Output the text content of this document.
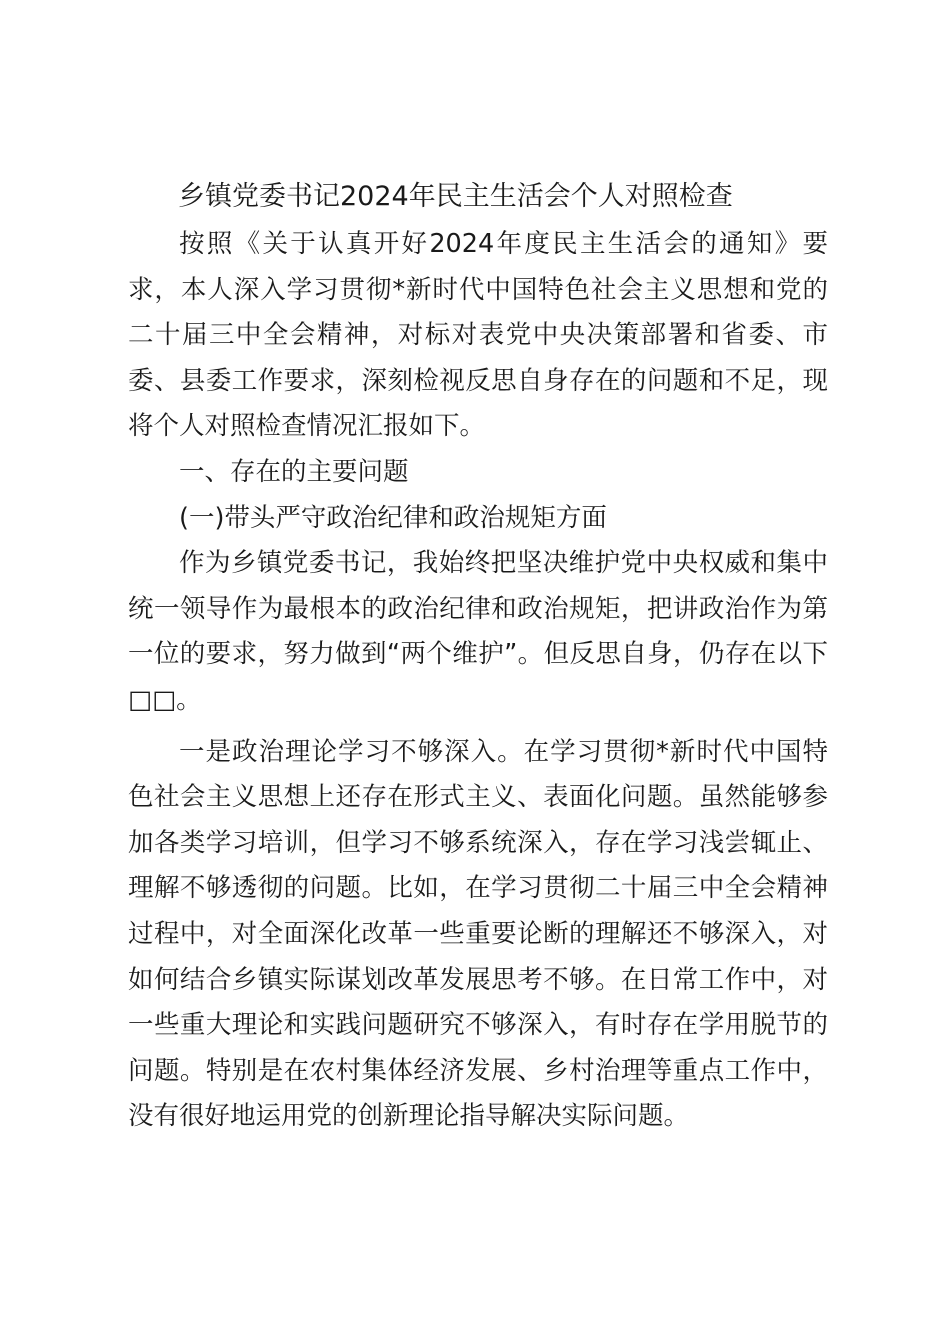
乡镇党委书记2024年民主生活会个人对照检查

按照《关于认真开好2024年度民主生活会的通知》要求，本人深入学习贯彻*新时代中国特色社会主义思想和党的二十届三中全会精神，对标对表党中央决策部署和省委、市委、县委工作要求，深刻检视反思自身存在的问题和不足，现将个人对照检查情况汇报如下。

一、存在的主要问题

(一)带头严守政治纪律和政治规矩方面

作为乡镇党委书记，我始终把坚决维护党中央权威和集中统一领导作为最根本的政治纪律和政治规矩，把讲政治作为第一位的要求，努力做到“两个维护”。但反思自身，仍存在以下□□。

一是政治理论学习不够深入。在学习贯彻*新时代中国特色社会主义思想上还存在形式主义、表面化问题。虽然能够参加各类学习培训，但学习不够系统深入，存在学习浅尝辄止、理解不够透彻的问题。比如，在学习贯彻二十届三中全会精神过程中，对全面深化改革一些重要论断的理解还不够深入，对如何结合乡镇实际谋划改革发展思考不够。在日常工作中，对一些重大理论和实践问题研究不够深入，有时存在学用脱节的问题。特别是在农村集体经济发展、乡村治理等重点工作中，没有很好地运用党的创新理论指导解决实际问题。
